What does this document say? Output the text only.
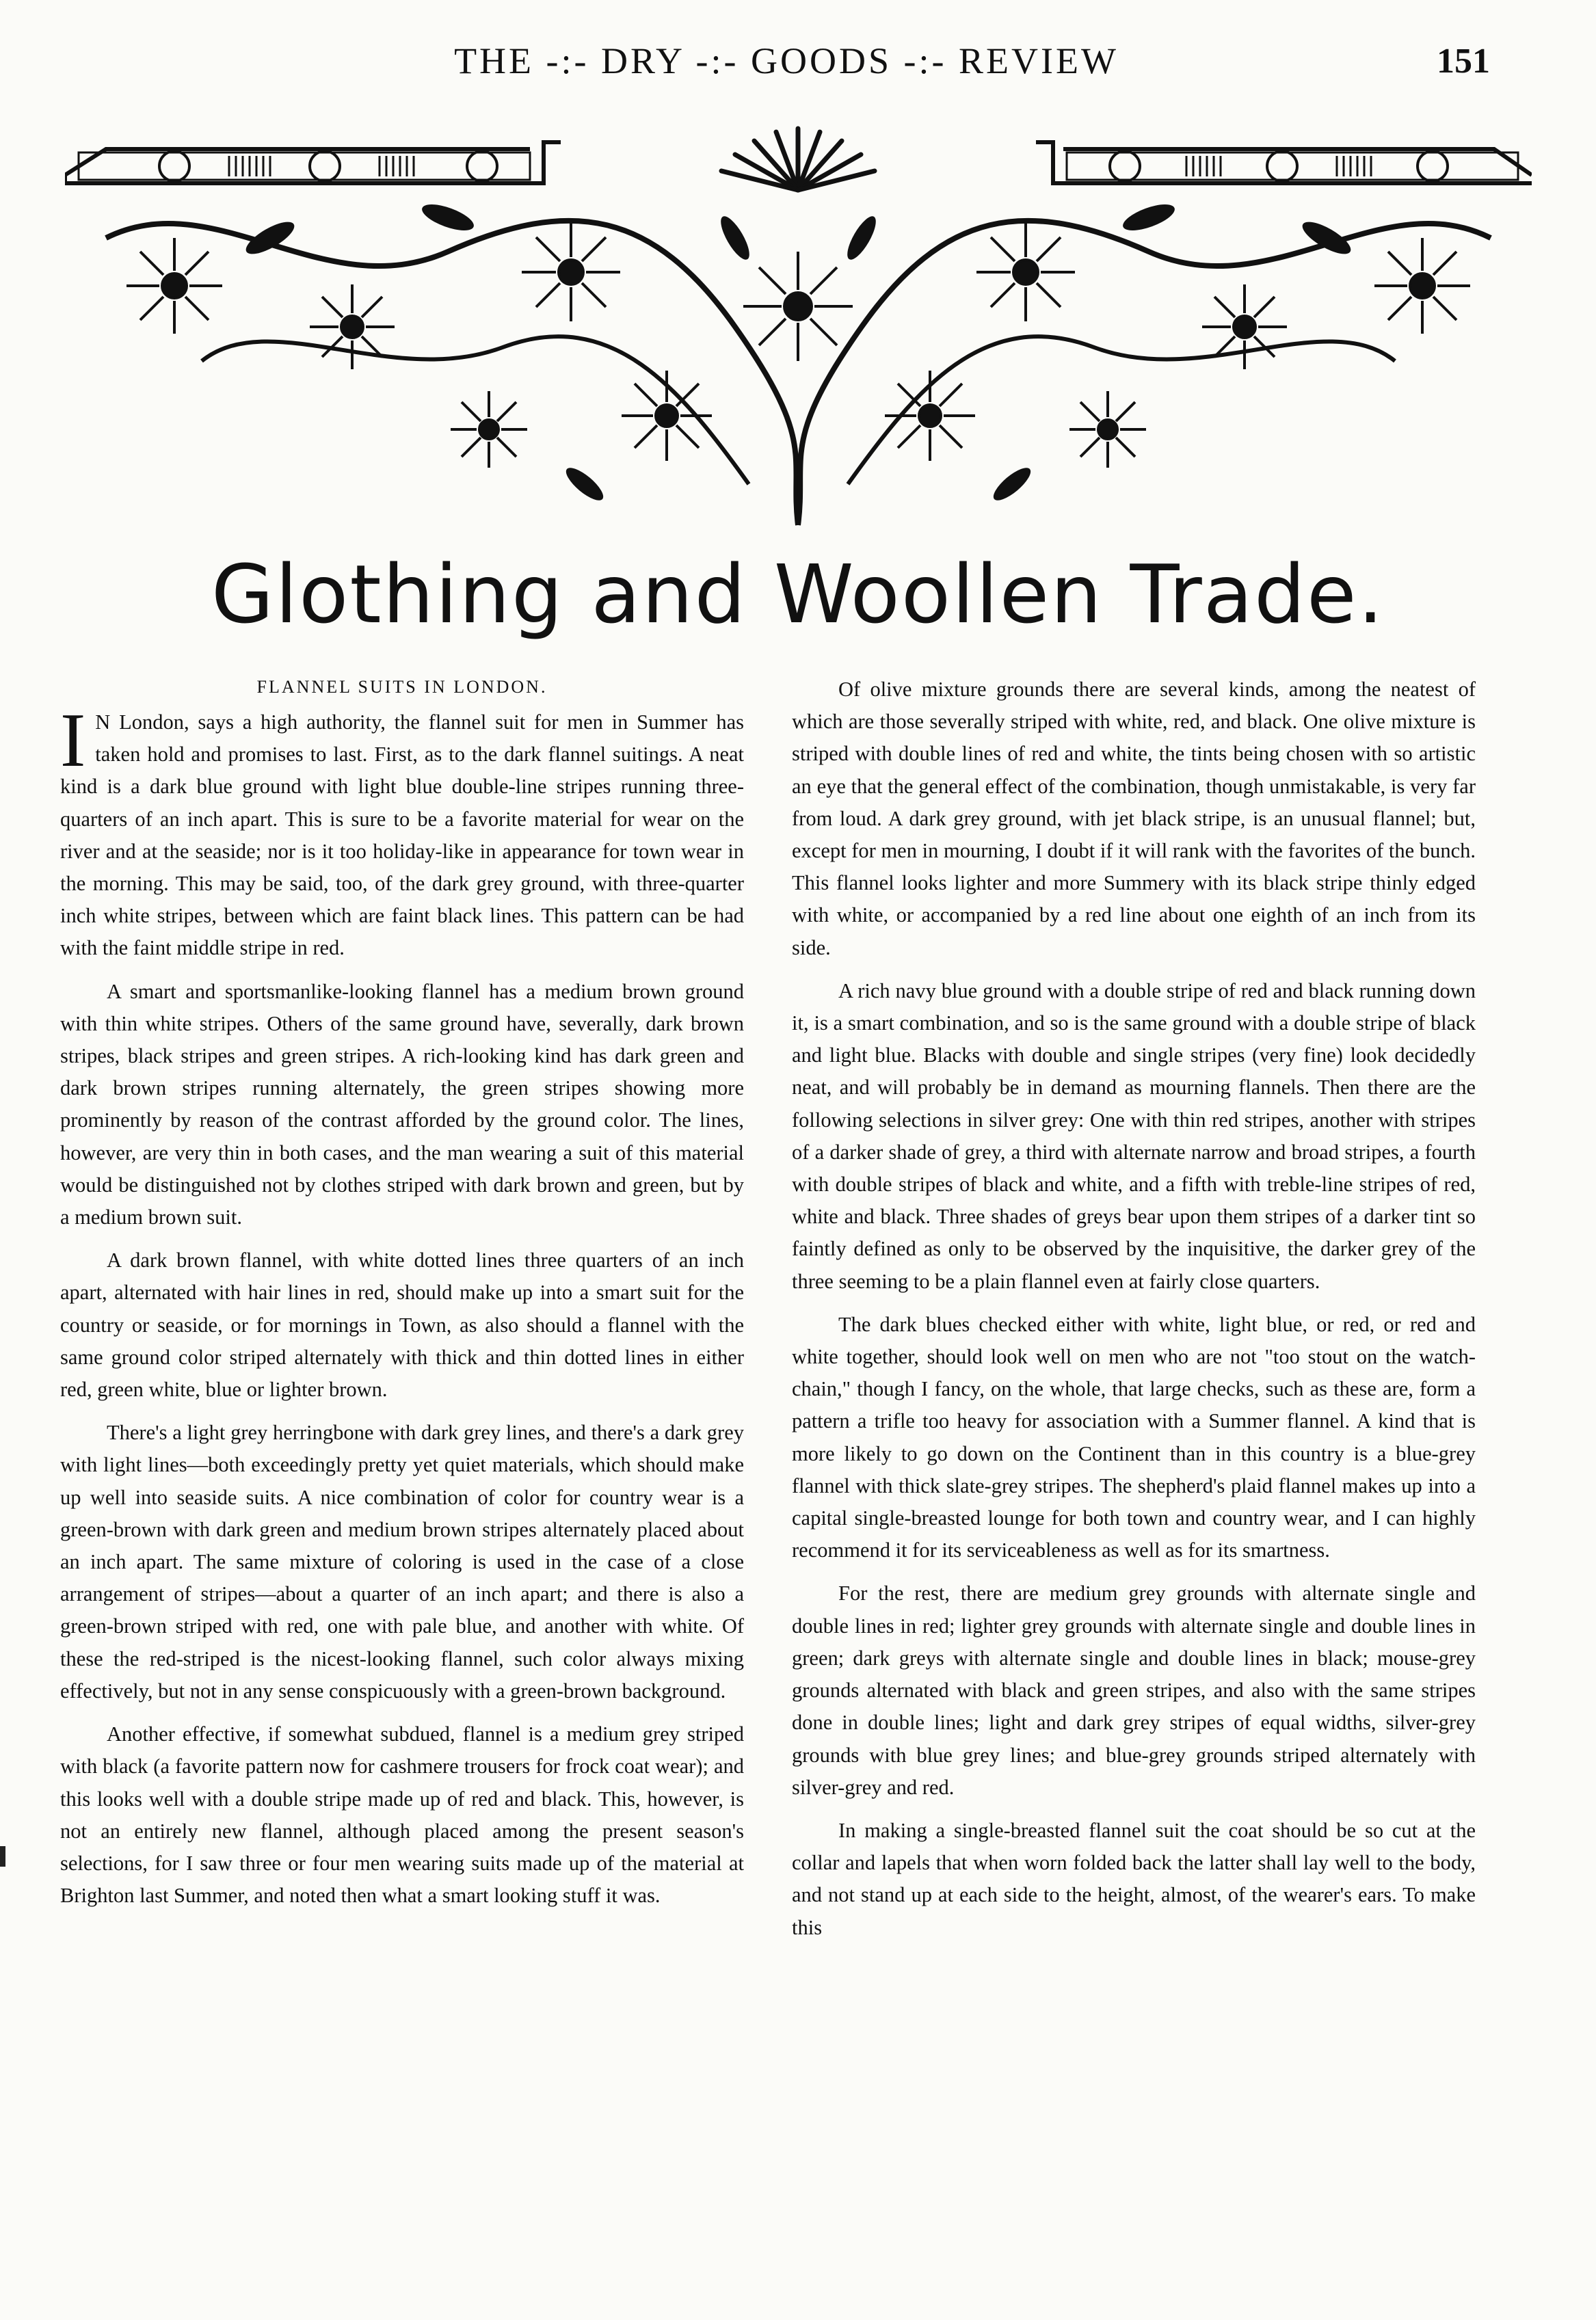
THE -:- DRY -:- GOODS -:- REVIEW	151
Glothing and Woollen Trade.
FLANNEL SUITS IN LONDON.

I N London, says a high authority, the flannel suit for men in Summer has taken hold and promises to last. First, as to the dark flannel suitings. A neat kind is a dark blue ground with light blue double-line stripes running three-quarters of an inch apart. This is sure to be a favorite material for wear on the river and at the seaside; nor is it too holiday-like in appearance for town wear in the morning. This may be said, too, of the dark grey ground, with three-quarter inch white stripes, between which are faint black lines. This pattern can be had with the faint middle stripe in red.

A smart and sportsmanlike-looking flannel has a medium brown ground with thin white stripes. Others of the same ground have, severally, dark brown stripes, black stripes and green stripes. A rich-looking kind has dark green and dark brown stripes running alternately, the green stripes showing more prominently by reason of the contrast afforded by the ground color. The lines, however, are very thin in both cases, and the man wearing a suit of this material would be distinguished not by clothes striped with dark brown and green, but by a medium brown suit.

A dark brown flannel, with white dotted lines three quarters of an inch apart, alternated with hair lines in red, should make up into a smart suit for the country or seaside, or for mornings in Town, as also should a flannel with the same ground color striped alternately with thick and thin dotted lines in either red, green white, blue or lighter brown.

There's a light grey herringbone with dark grey lines, and there's a dark grey with light lines—both exceedingly pretty yet quiet materials, which should make up well into seaside suits. A nice combination of color for country wear is a green-brown with dark green and medium brown stripes alternately placed about an inch apart. The same mixture of coloring is used in the case of a close arrangement of stripes—about a quarter of an inch apart; and there is also a green-brown striped with red, one with pale blue, and another with white. Of these the red-striped is the nicest-looking flannel, such color always mixing effectively, but not in any sense conspicuously with a green-brown background.

Another effective, if somewhat subdued, flannel is a medium grey striped with black (a favorite pattern now for cashmere trousers for frock coat wear); and this looks well with a double stripe made up of red and black. This, however, is not an entirely new flannel, although placed among the present season's selections, for I saw three or four men wearing suits made up of the material at Brighton last Summer, and noted then what a smart looking stuff it was.

Of olive mixture grounds there are several kinds, among the neatest of which are those severally striped with white, red, and black. One olive mixture is striped with double lines of red and white, the tints being chosen with so artistic an eye that the general effect of the combination, though unmistakable, is very far from loud. A dark grey ground, with jet black stripe, is an unusual flannel; but, except for men in mourning, I doubt if it will rank with the favorites of the bunch. This flannel looks lighter and more Summery with its black stripe thinly edged with white, or accompanied by a red line about one eighth of an inch from its side.

A rich navy blue ground with a double stripe of red and black running down it, is a smart combination, and so is the same ground with a double stripe of black and light blue. Blacks with double and single stripes (very fine) look decidedly neat, and will probably be in demand as mourning flannels. Then there are the following selections in silver grey: One with thin red stripes, another with stripes of a darker shade of grey, a third with alternate narrow and broad stripes, a fourth with double stripes of black and white, and a fifth with treble-line stripes of red, white and black. Three shades of greys bear upon them stripes of a darker tint so faintly defined as only to be observed by the inquisitive, the darker grey of the three seeming to be a plain flannel even at fairly close quarters.

The dark blues checked either with white, light blue, or red, or red and white together, should look well on men who are not "too stout on the watch-chain," though I fancy, on the whole, that large checks, such as these are, form a pattern a trifle too heavy for association with a Summer flannel. A kind that is more likely to go down on the Continent than in this country is a blue-grey flannel with thick slate-grey stripes. The shepherd's plaid flannel makes up into a capital single-breasted lounge for both town and country wear, and I can highly recommend it for its serviceableness as well as for its smartness.

For the rest, there are medium grey grounds with alternate single and double lines in red; lighter grey grounds with alternate single and double lines in green; dark greys with alternate single and double lines in black; mouse-grey grounds alternated with black and green stripes, and also with the same stripes done in double lines; light and dark grey stripes of equal widths, silver-grey grounds with blue grey lines; and blue-grey grounds striped alternately with silver-grey and red.

In making a single-breasted flannel suit the coat should be so cut at the collar and lapels that when worn folded back the latter shall lay well to the body, and not stand up at each side to the height, almost, of the wearer's ears. To make this
